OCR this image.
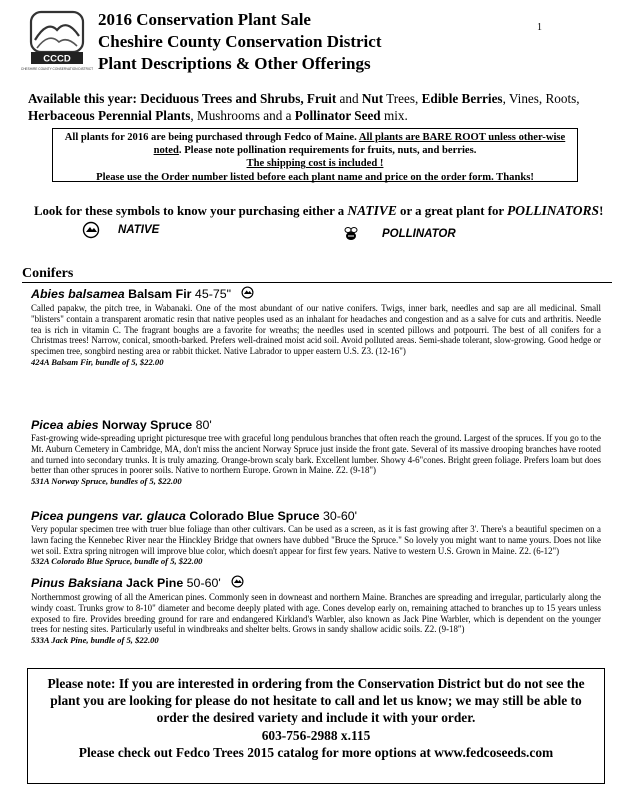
CCCD
CHESHIRE COUNTY CONSERVATION DISTRICT
1
2016 Conservation Plant Sale
Cheshire County Conservation District
Plant Descriptions & Other Offerings
Available this year: Deciduous Trees and Shrubs, Fruit and Nut Trees, Edible Berries, Vines, Roots, Herbaceous Perennial Plants, Mushrooms and a Pollinator Seed mix.
All plants for 2016 are being purchased through Fedco of Maine. All plants are BARE ROOT unless other-wise noted. Please note pollination requirements for fruits, nuts, and berries.
The shipping cost is included !
Please use the Order number listed before each plant name and price on the order form. Thanks!
Look for these symbols to know your purchasing either a NATIVE or a great plant for POLLINATORS!
NATIVE	POLLINATOR
Conifers
Abies balsamea Balsam Fir 45-75"
Called papakw, the pitch tree, in Wabanaki. One of the most abundant of our native conifers. Twigs, inner bark, needles and sap are all medicinal. Small "blisters" contain a transparent aromatic resin that native peoples used as an inhalant for headaches and congestion and as a salve for cuts and arthritis. Needle tea is rich in vitamin C. The fragrant boughs are a favorite for wreaths; the needles used in scented pillows and potpourri. The best of all conifers for a Christmas trees! Narrow, conical, smooth-barked. Prefers well-drained moist acid soil. Avoid polluted areas. Semi-shade tolerant, slow-growing. Good hedge or specimen tree, songbird nesting area or rabbit thicket. Native Labrador to upper eastern U.S. Z3. (12-16")
424A Balsam Fir, bundle of 5, $22.00
Picea abies Norway Spruce 80'
Fast-growing wide-spreading upright picturesque tree with graceful long pendulous branches that often reach the ground. Largest of the spruces. If you go to the Mt. Auburn Cemetery in Cambridge, MA, don't miss the ancient Norway Spruce just inside the front gate. Several of its massive drooping branches have rooted and turned into secondary trunks. It is truly amazing. Orange-brown scaly bark. Excellent lumber. Showy 4-6"cones. Bright green foliage. Prefers loam but does better than other spruces in poorer soils. Native to northern Europe. Grown in Maine. Z2. (9-18")
531A Norway Spruce, bundles of 5, $22.00
Picea pungens var. glauca Colorado Blue Spruce 30-60'
Very popular specimen tree with truer blue foliage than other cultivars. Can be used as a screen, as it is fast growing after 3'. There's a beautiful specimen on a lawn facing the Kennebec River near the Hinckley Bridge that owners have dubbed "Bruce the Spruce." So lovely you might want to name yours. Does not like wet soil. Extra spring nitrogen will improve blue color, which doesn't appear for first few years. Native to western U.S. Grown in Maine. Z2. (6-12")
532A Colorado Blue Spruce, bundle of 5, $22.00
Pinus Baksiana Jack Pine 50-60'
Northernmost growing of all the American pines. Commonly seen in downeast and northern Maine. Branches are spreading and irregular, particularly along the windy coast. Trunks grow to 8-10" diameter and become deeply plated with age. Cones develop early on, remaining attached to branches up to 15 years unless exposed to fire. Provides breeding ground for rare and endangered Kirkland's Warbler, also known as Jack Pine Warbler, which is dependent on the younger trees for nesting sites. Particularly useful in windbreaks and shelter belts. Grows in sandy shallow acidic soils. Z2. (9-18")
533A Jack Pine, bundle of 5, $22.00
Please note: If you are interested in ordering from the Conservation District but do not see the plant you are looking for please do not hesitate to call and let us know; we may still be able to order the desired variety and include it with your order.
603-756-2988 x.115
Please check out Fedco Trees 2015 catalog for more options at www.fedcoseeds.com
